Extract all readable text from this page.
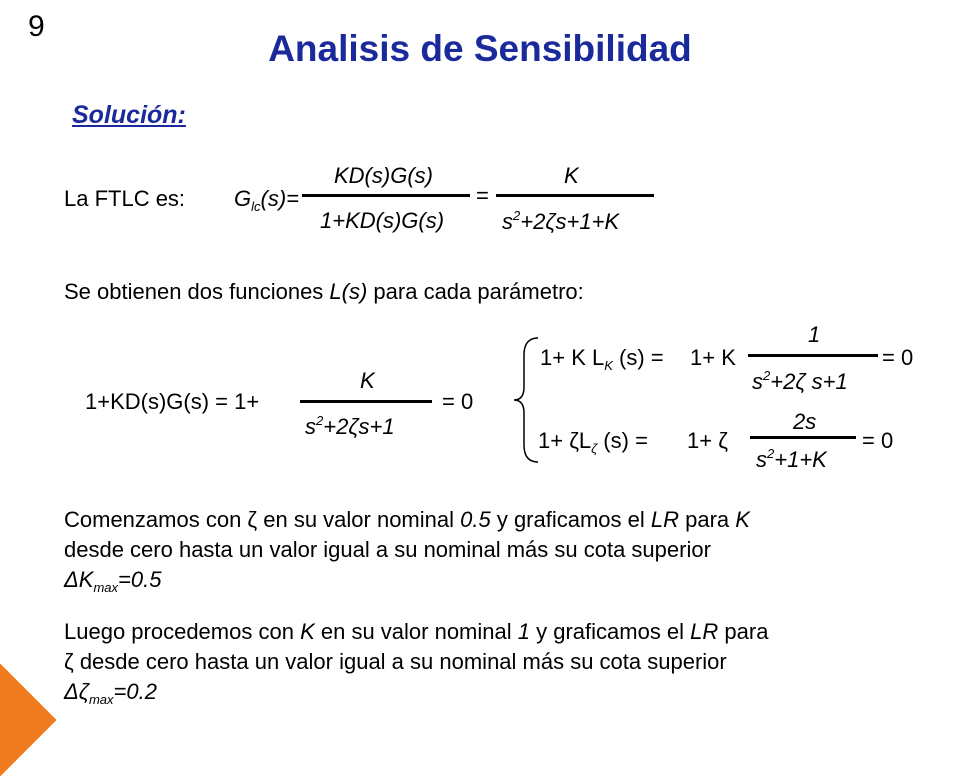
9
Analisis de Sensibilidad
Solución:
La FTLC es: $G_{lc}(s)=$
KD(s)G(s)
1+KD(s)G(s)
=
K
$s^2+2\zeta s+1+K$
Se obtienen dos funciones L(s) para cada parámetro:
1+KD(s)G(s) = 1+
K
$s^2+2\zeta s+1$
= 0
1+ K $L_K$ (s) = 1+ K
1
$s^2+2\zeta$ s+1
= 0
$1+ \zeta L_\zeta$ (s) = 1+ ζ
2s
$s^2+1+K$
= 0
Comenzamos con ζ en su valor nominal 0.5 y graficamos el LR para K
desde cero hasta un valor igual a su nominal más su cota superior
$\Delta K_{max}=0.5$
Luego procedemos con K en su valor nominal 1 y graficamos el LR para
ζ desde cero hasta un valor igual a su nominal más su cota superior
$\Delta\zeta_{max}=0.2$
